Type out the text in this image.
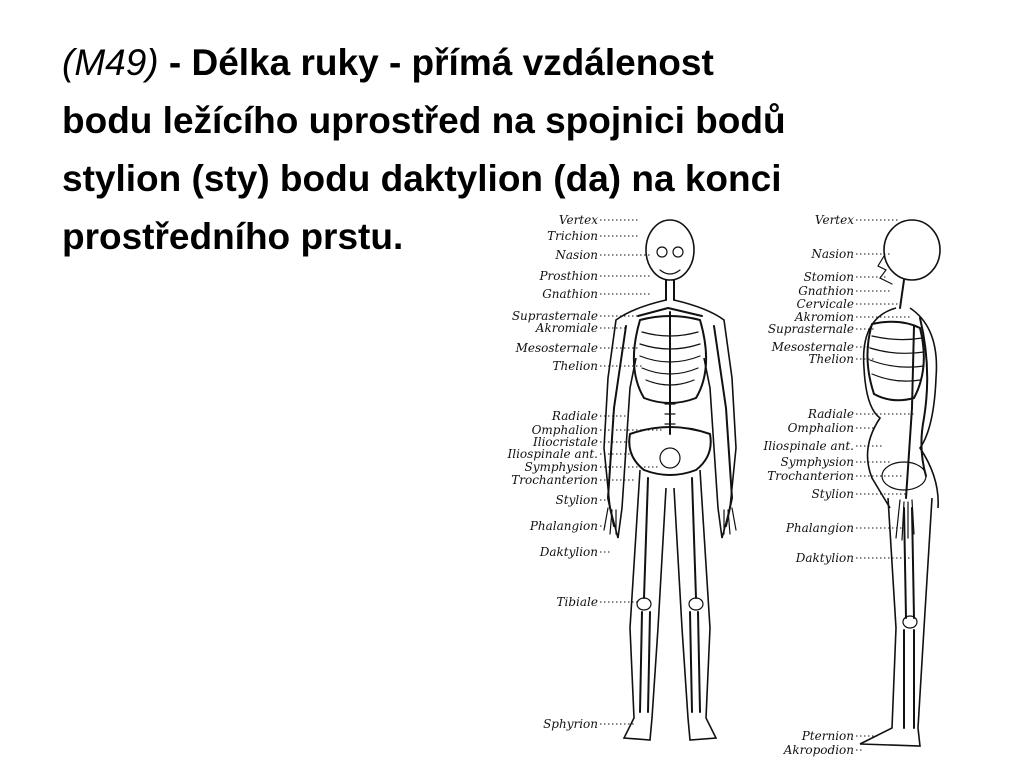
(M49) - Délka ruky - přímá vzdálenost
bodu ležícího uprostřed na spojnici bodů
stylion (sty) bodu daktylion (da) na konci
prostředního prstu.	Vertex
Trichion
Nasion
Prosthion
Gnathion
Suprasternale
Akromiale
Mesosternale
Thelion
Radiale
Omphalion
Iliocristale
Iliospinale ant.
Symphysion
Trochanterion
Stylion
Phalangion
Daktylion
Tibiale
Sphyrion
Vertex
Nasion
Stomion
Gnathion
Cervicale
Akromion
Suprasternale
Mesosternale
Thelion
Radiale
Omphalion
Iliospinale ant.
Symphysion
Trochanterion
Stylion
Phalangion
Daktylion
Pternion
Akropodion
